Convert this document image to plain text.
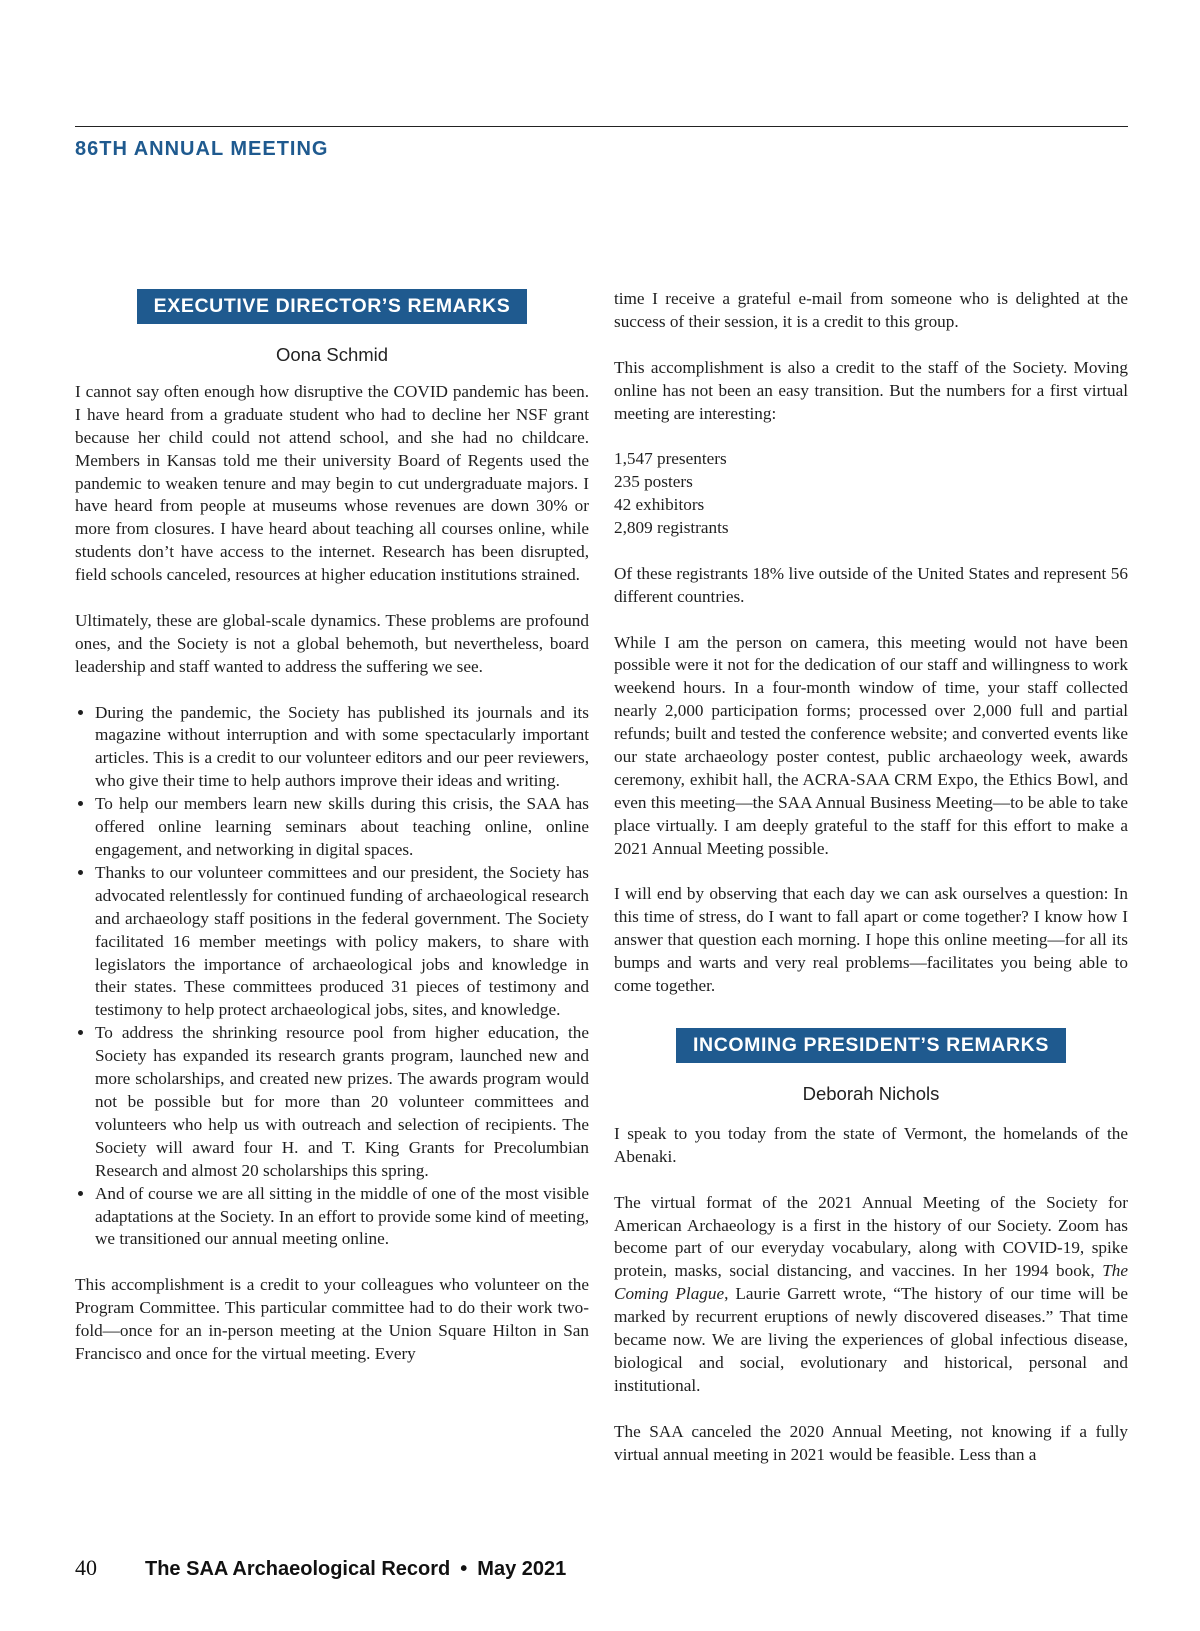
86TH ANNUAL MEETING
EXECUTIVE DIRECTOR’S REMARKS
Oona Schmid

I cannot say often enough how disruptive the COVID pandemic has been. I have heard from a graduate student who had to decline her NSF grant because her child could not attend school, and she had no childcare. Members in Kansas told me their university Board of Regents used the pandemic to weaken tenure and may begin to cut undergraduate majors. I have heard from people at museums whose revenues are down 30% or more from closures. I have heard about teaching all courses online, while students don’t have access to the internet. Research has been disrupted, field schools canceled, resources at higher education institutions strained.

Ultimately, these are global-scale dynamics. These problems are profound ones, and the Society is not a global behemoth, but nevertheless, board leadership and staff wanted to address the suffering we see.

• During the pandemic, the Society has published its journals and its magazine without interruption and with some spectacularly important articles. This is a credit to our volunteer editors and our peer reviewers, who give their time to help authors improve their ideas and writing.
• To help our members learn new skills during this crisis, the SAA has offered online learning seminars about teaching online, online engagement, and networking in digital spaces.
• Thanks to our volunteer committees and our president, the Society has advocated relentlessly for continued funding of archaeological research and archaeology staff positions in the federal government. The Society facilitated 16 member meetings with policy makers, to share with legislators the importance of archaeological jobs and knowledge in their states. These committees produced 31 pieces of testimony and testimony to help protect archaeological jobs, sites, and knowledge.
• To address the shrinking resource pool from higher education, the Society has expanded its research grants program, launched new and more scholarships, and created new prizes. The awards program would not be possible but for more than 20 volunteer committees and volunteers who help us with outreach and selection of recipients. The Society will award four H. and T. King Grants for Precolumbian Research and almost 20 scholarships this spring.
• And of course we are all sitting in the middle of one of the most visible adaptations at the Society. In an effort to provide some kind of meeting, we transitioned our annual meeting online.

This accomplishment is a credit to your colleagues who volunteer on the Program Committee. This particular committee had to do their work two-fold—once for an in-person meeting at the Union Square Hilton in San Francisco and once for the virtual meeting. Every

time I receive a grateful e-mail from someone who is delighted at the success of their session, it is a credit to this group.

This accomplishment is also a credit to the staff of the Society. Moving online has not been an easy transition. But the numbers for a first virtual meeting are interesting:

1,547 presenters
235 posters
42 exhibitors
2,809 registrants

Of these registrants 18% live outside of the United States and represent 56 different countries.

While I am the person on camera, this meeting would not have been possible were it not for the dedication of our staff and willingness to work weekend hours. In a four-month window of time, your staff collected nearly 2,000 participation forms; processed over 2,000 full and partial refunds; built and tested the conference website; and converted events like our state archaeology poster contest, public archaeology week, awards ceremony, exhibit hall, the ACRA-SAA CRM Expo, the Ethics Bowl, and even this meeting—the SAA Annual Business Meeting—to be able to take place virtually. I am deeply grateful to the staff for this effort to make a 2021 Annual Meeting possible.

I will end by observing that each day we can ask ourselves a question: In this time of stress, do I want to fall apart or come together? I know how I answer that question each morning. I hope this online meeting—for all its bumps and warts and very real problems—facilitates you being able to come together.

INCOMING PRESIDENT’S REMARKS
Deborah Nichols

I speak to you today from the state of Vermont, the homelands of the Abenaki.

The virtual format of the 2021 Annual Meeting of the Society for American Archaeology is a first in the history of our Society. Zoom has become part of our everyday vocabulary, along with COVID-19, spike protein, masks, social distancing, and vaccines. In her 1994 book, The Coming Plague, Laurie Garrett wrote, “The history of our time will be marked by recurrent eruptions of newly discovered diseases.” That time became now. We are living the experiences of global infectious disease, biological and social, evolutionary and historical, personal and institutional.

The SAA canceled the 2020 Annual Meeting, not knowing if a fully virtual annual meeting in 2021 would be feasible. Less than a

40 The SAA Archaeological Record • May 2021
